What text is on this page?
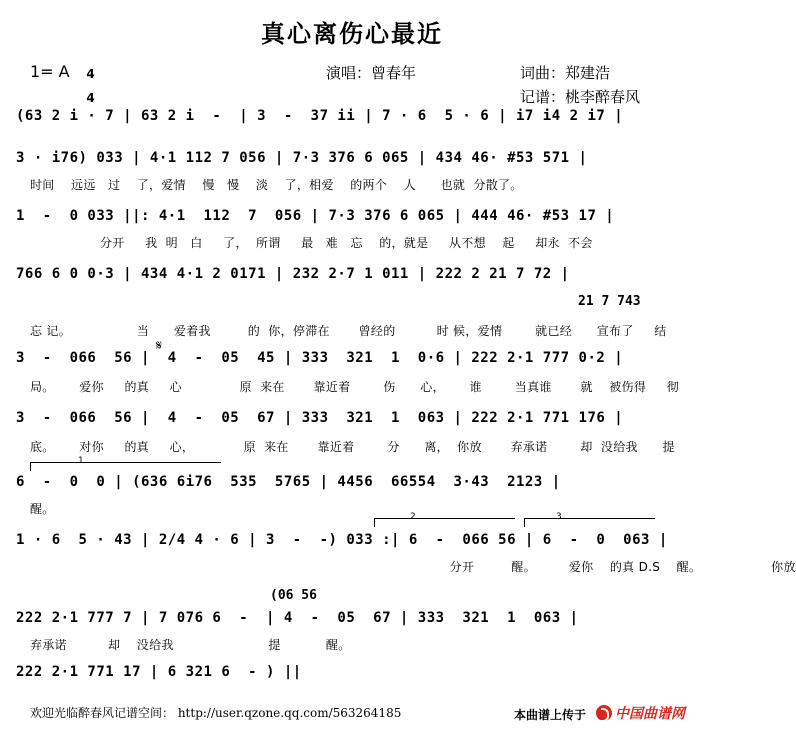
真心离伤心最近
1= A	4

4

演唱：曾春年	词曲：郑建浩
记谱：桃李醉春风
(63 2 i · 7 | 63 2 i  -  | 3  -  37 ii | 7 · 6  5 · 6 | i7 i4 2 i7 |
3 · i76) 033 | 4·1 112 7 056 | 7·3 376 6 065 | 434 46· #53 571 |
时间    远远   过    了，爱情    慢   慢    淡    了，相爱    的两个    人      也就  分散了。
1  -  0 033 ||: 4·1  112  7  056 | 7·3 376 6 065 | 444 46· #53 17 |
分开     我  明   白     了，  所谓     最   难   忘    的，就是     从不想    起     却永  不会
766 6 0 0·3 | 434 4·1 2 0171 | 232 2·7 1 011 | 222 2 21 7 72 |
21 7 743
忘 记。                当      爱着我         的  你，停滞在       曾经的          时 候，爱情        就已经      宣布了     结
𝄋
3  -  066  56 |  4  -  05  45 | 333  321  1  0·6 | 222 2·1 777 0·2 |
局。      爱你     的真     心              原  来在       靠近着        伤      心，      谁        当真谁       就    被伤得     彻
3  -  066  56 |  4  -  05  67 | 333  321  1  063 | 222 2·1 771 176 |
底。      对你     的真     心，            原  来在       靠近着        分      离，  你放       弃承诺        却  没给我      提
1
6  -  0  0 | (636 6i76  535  5765 | 4456  66554  3·43  2123 |
醒。
2	3
1 · 6  5 · 43 | 2/4 4 · 6 | 3  -  -) 033 :| 6  -  066 56 | 6  -  0  063 |
分开         醒。        爱你    的真 D.S    醒。                 你放
(06 56
222 2·1 777 7 | 7 076 6  -  | 4  -  05  67 | 333  321  1  063 |
弃承诺          却    没给我                       提           醒。
222 2·1 771 17 | 6 321 6  - ) ||
欢迎光临醉春风记谱空间： http://user.qzone.qq.com/563264185	本曲谱上传于 中国曲谱网
